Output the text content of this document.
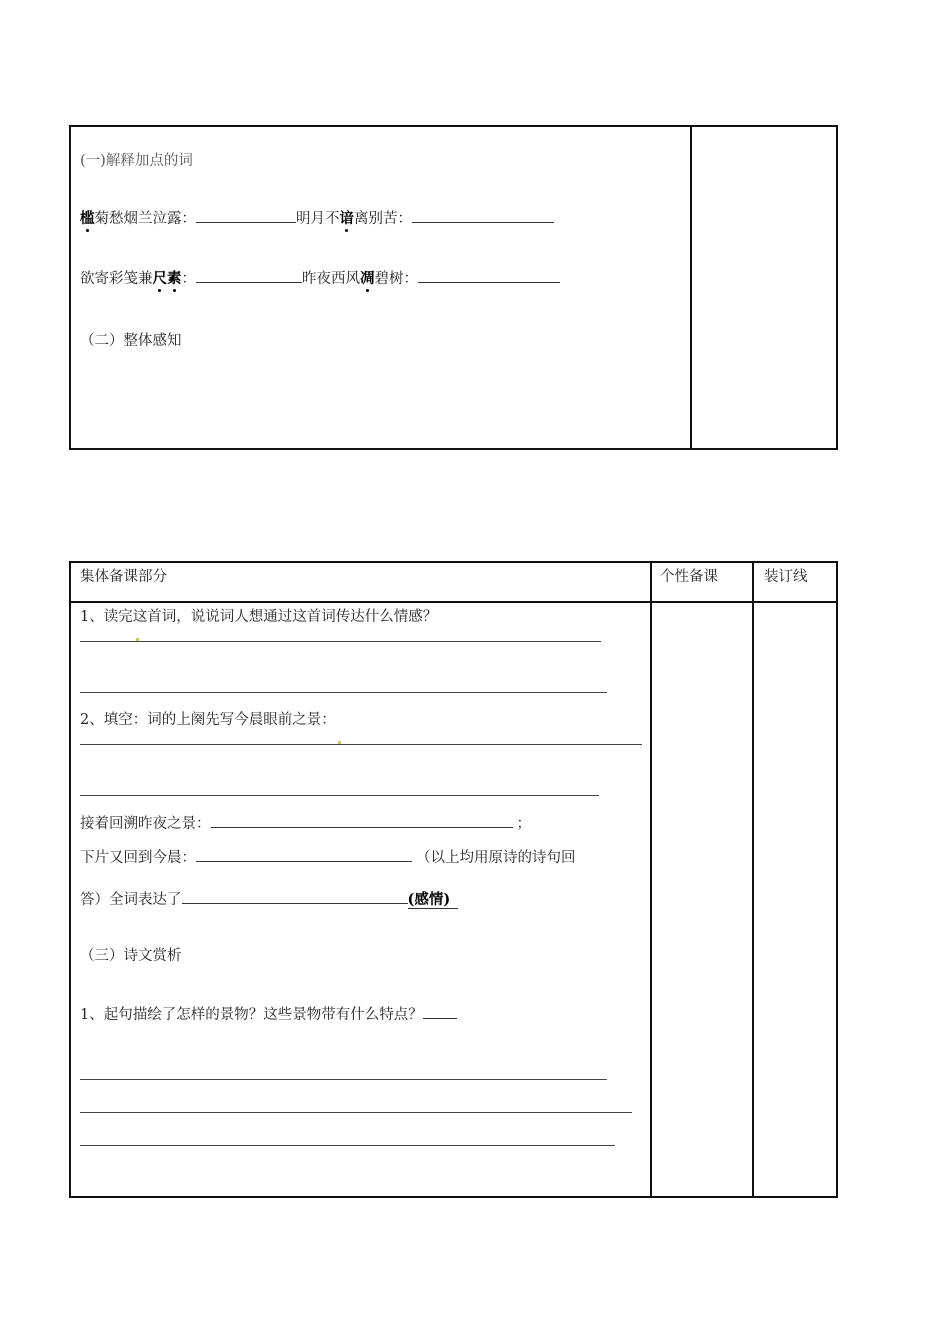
(一)解释加点的词
槛菊愁烟兰泣露：	明月不谙离别苦：
欲寄彩笺兼尺素：	昨夜西风凋碧树：
（二）整体感知
集体备课部分	个性备课	装订线
1、读完这首词，说说词人想通过这首词传达什么情感？
2、填空：词的上阕先写今晨眼前之景：
接着回溯昨夜之景：	；
下片又回到今晨：	（以上均用原诗的诗句回
答）全词表达了	(感情)
（三）诗文赏析
1、起句描绘了怎样的景物？这些景物带有什么特点？
